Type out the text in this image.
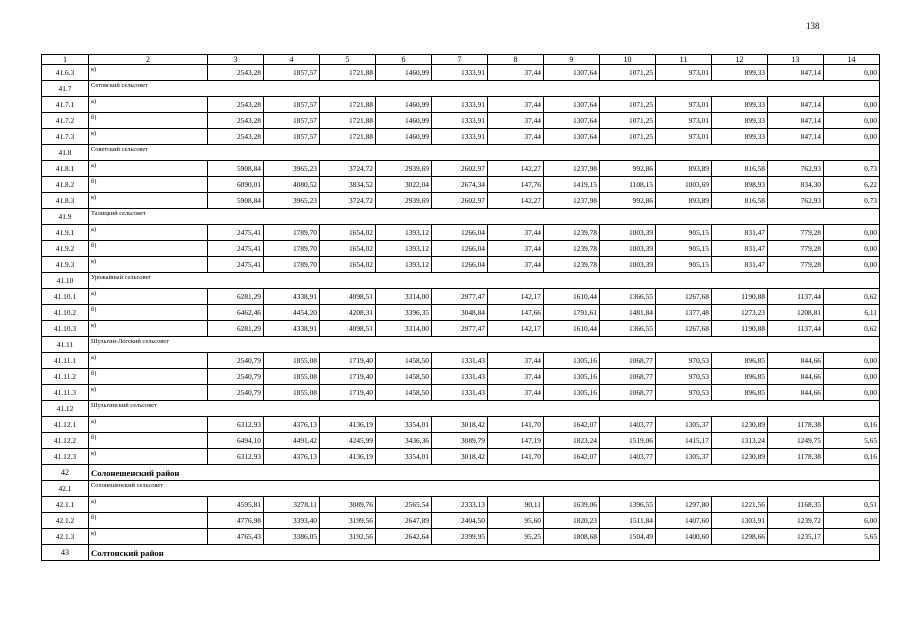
138
1	2	3	4	5	6	7	8	9	10	11	12	13	14
41.6.3	в)	2543,28	1857,57	1721,88	1460,99	1333,91	37,44	1307,64	1071,25	973,01	899,33	847,14	0,00
41.7	Сетовский сельсовет												
41.7.1	а)	2543,28	1857,57	1721,88	1460,99	1333,91	37,44	1307,64	1071,25	973,01	899,33	847,14	0,00
41.7.2	б)	2543,28	1857,57	1721,88	1460,99	1333,91	37,44	1307,64	1071,25	973,01	899,33	847,14	0,00
41.7.3	в)	2543,28	1857,57	1721,88	1460,99	1333,91	37,44	1307,64	1071,25	973,01	899,33	847,14	0,00
41.8	Советский сельсовет												
41.8.1	а)	5908,84	3965,23	3724,72	2939,69	2602,97	142,27	1237,98	992,86	893,89	816,58	762,93	0,73
41.8.2	б)	6090,01	4080,52	3834,52	3022,04	2674,34	147,76	1419,15	1108,15	1003,69	898,93	834,30	6,22
41.8.3	в)	5908,84	3965,23	3724,72	2939,69	2602,97	142,27	1237,98	992,86	893,89	816,58	762,93	0,73
41.9	Талицкий сельсовет												
41.9.1	а)	2475,41	1789,70	1654,02	1393,12	1266,04	37,44	1239,78	1003,39	905,15	831,47	779,28	0,00
41.9.2	б)	2475,41	1789,70	1654,02	1393,12	1266,04	37,44	1239,78	1003,39	905,15	831,47	779,28	0,00
41.9.3	в)	2475,41	1789,70	1654,02	1393,12	1266,04	37,44	1239,78	1003,39	905,15	831,47	779,28	0,00
41.10	Урожайный сельсовет												
41.10.1	а)	6281,29	4338,91	4098,51	3314,00	2977,47	142,17	1610,44	1366,55	1267,68	1190,88	1137,44	0,62
41.10.2	б)	6462,46	4454,20	4208,31	3396,35	3048,84	147,66	1791,61	1481,84	1377,48	1273,23	1208,81	6,11
41.10.3	в)	6281,29	4338,91	4098,51	3314,00	2977,47	142,17	1610,44	1366,55	1267,68	1190,88	1137,44	0,62
41.11	Шульгин-Логский сельсовет												
41.11.1	а)	2540,79	1855,08	1719,40	1458,50	1331,43	37,44	1305,16	1068,77	970,53	896,85	844,66	0,00
41.11.2	б)	2540,79	1855,08	1719,40	1458,50	1331,43	37,44	1305,16	1068,77	970,53	896,85	844,66	0,00
41.11.3	в)	2540,79	1855,08	1719,40	1458,50	1331,43	37,44	1305,16	1068,77	970,53	896,85	844,66	0,00
41.12	Шульгинский сельсовет												
41.12.1	а)	6312,93	4376,13	4136,19	3354,01	3018,42	141,70	1642,07	1403,77	1305,37	1230,89	1178,38	0,16
41.12.2	б)	6494,10	4491,42	4245,99	3436,36	3089,79	147,19	1823,24	1519,06	1415,17	1313,24	1249,75	5,65
41.12.3	в)	6312,93	4376,13	4136,19	3354,01	3018,42	141,70	1642,07	1403,77	1305,37	1230,89	1178,38	0,16
42	Солонешенский район												
42.1	Солонешенский сельсовет												
42.1.1	а)	4595,81	3278,11	3089,76	2565,54	2333,13	90,11	1639,06	1396,55	1297,80	1221,56	1168,35	0,51
42.1.2	б)	4776,98	3393,40	3199,56	2647,89	2404,50	95,60	1820,23	1511,84	1407,60	1303,91	1239,72	6,00
42.1.3	в)	4765,43	3386,05	3192,56	2642,64	2399,95	95,25	1808,68	1504,49	1400,60	1298,66	1235,17	5,65
43	Солтонский район												
